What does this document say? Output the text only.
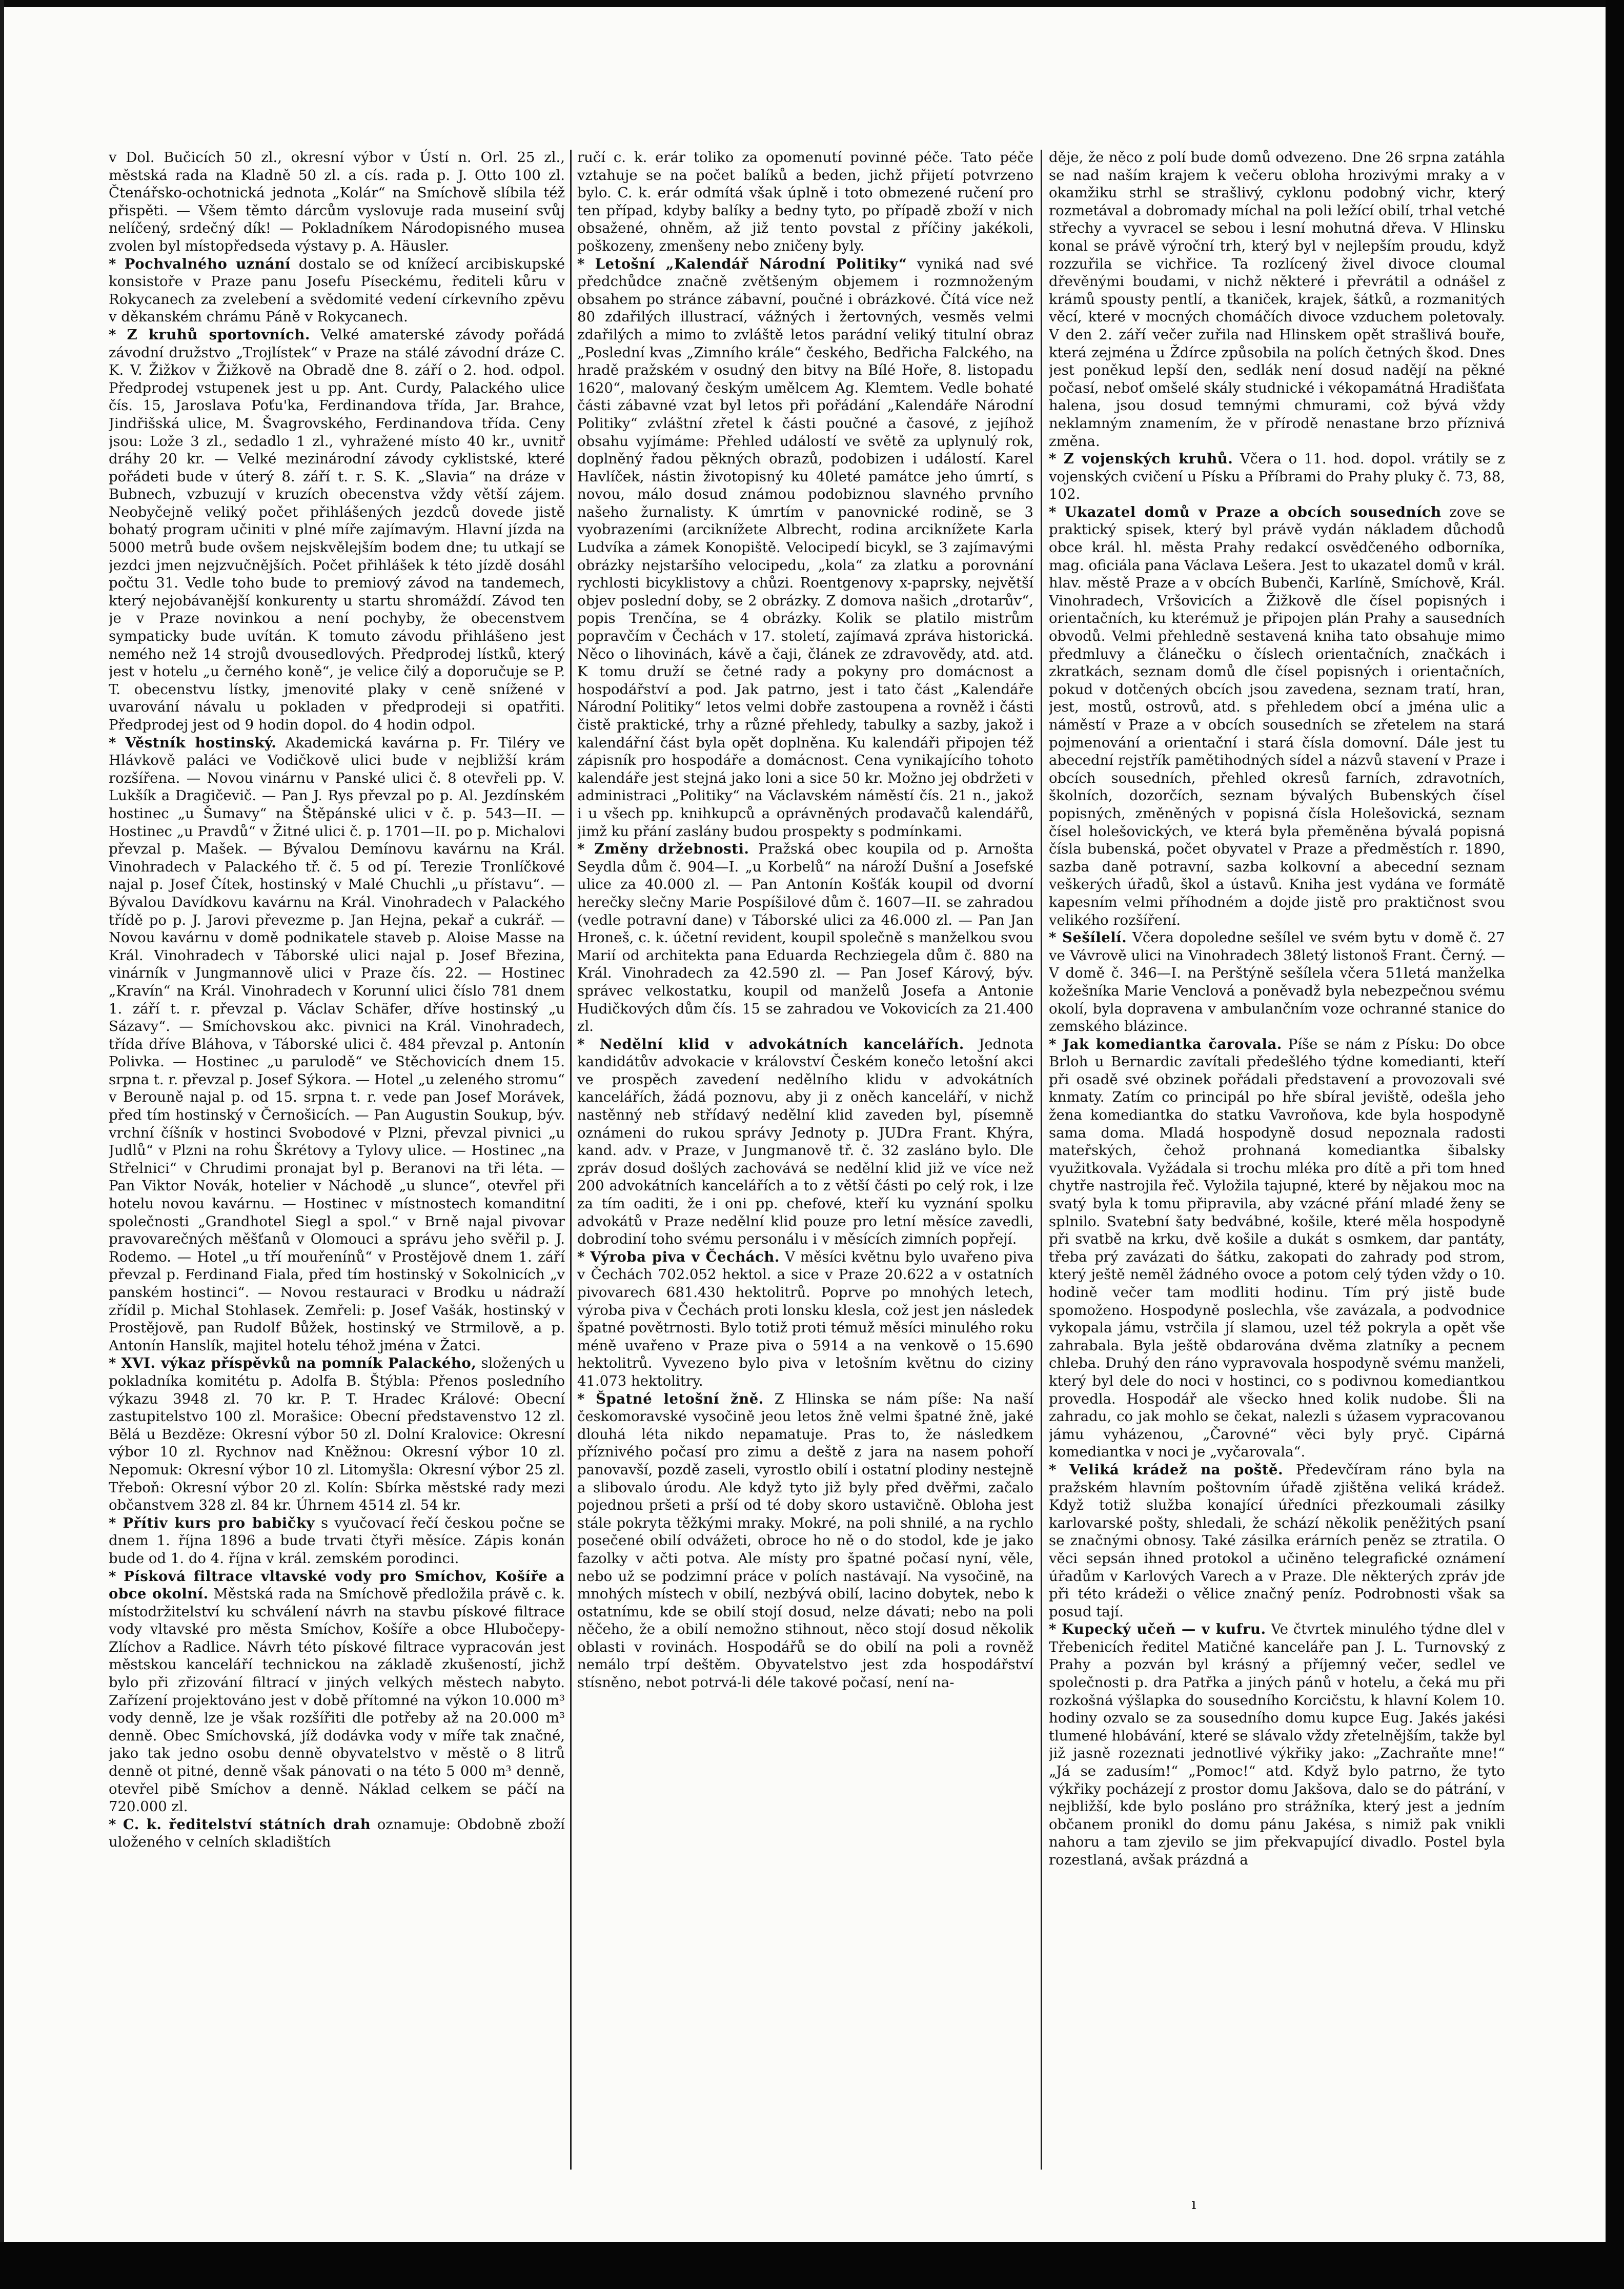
v Dol. Bučicích 50 zl., okresní výbor v Ústí n. Orl. 25 zl., městská rada na Kladně 50 zl. a cís. rada p. J. Otto 100 zl. Čtenářsko-ochotnická jednota „Kolár“ na Smíchově slíbila též přispěti. — Všem těmto dárcům vyslovuje rada museiní svůj nelíčený, srdečný dík! — Pokladníkem Národopisného musea zvolen byl místopředseda výstavy p. A. Häusler.

* Pochvalného uznání dostalo se od knížecí arcibiskupské konsistoře v Praze panu Josefu Píseckému, řediteli kůru v Rokycanech za zvelebení a svědomité vedení církevního zpěvu v děkanském chrámu Páně v Rokycanech.

* Z kruhů sportovních. Velké amaterské závody pořádá závodní družstvo „Trojlístek“ v Praze na stálé závodní dráze C. K. V. Žižkov v Žižkově na Obradě dne 8. září o 2. hod. odpol. Předprodej vstupenek jest u pp. Ant. Curdy, Palackého ulice čís. 15, Jaroslava Poťu'ka, Ferdinandova třída, Jar. Brahce, Jindřišská ulice, M. Švagrovského, Ferdinandova třída. Ceny jsou: Lože 3 zl., sedadlo 1 zl., vyhražené místo 40 kr., uvnitř dráhy 20 kr. — Velké mezinárodní závody cyklistské, které pořádeti bude v úterý 8. září t. r. S. K. „Slavia“ na dráze v Bubnech, vzbuzují v kruzích obecenstva vždy větší zájem. Neobyčejně veliký počet přihlášených jezdců dovede jistě bohatý program učiniti v plné míře zajímavým. Hlavní jízda na 5000 metrů bude ovšem nejskvělejším bodem dne; tu utkají se jezdci jmen nejzvučnějších. Počet přihlášek k této jízdě dosáhl počtu 31. Vedle toho bude to premiový závod na tandemech, který nejobávanější konkurenty u startu shromáždí. Závod ten je v Praze novinkou a není pochyby, že obecenstvem sympaticky bude uvítán. K tomuto závodu přihlášeno jest nemého než 14 strojů dvousedlových. Předprodej lístků, který jest v hotelu „u černého koně“, je velice čilý a doporučuje se P. T. obecenstvu lístky, jmenovité plaky v ceně snížené v uvarování návalu u pokladen v předprodeji si opatřiti. Předprodej jest od 9 hodin dopol. do 4 hodin odpol.

* Věstník hostinský. Akademická kavárna p. Fr. Tiléry ve Hlávkově paláci ve Vodičkově ulici bude v nejbližší krám rozšířena. — Novou vinárnu v Panské ulici č. 8 otevřeli pp. V. Lukšík a Dragičevič. — Pan J. Rys převzal po p. Al. Jezdínském hostinec „u Šumavy“ na Štěpánské ulici v č. p. 543—II. — Hostinec „u Pravdů“ v Žitné ulici č. p. 1701—II. po p. Michalovi převzal p. Mašek. — Bývalou Demínovu kavárnu na Král. Vinohradech v Palackého tř. č. 5 od pí. Terezie Tronlíčkové najal p. Josef Čítek, hostinský v Malé Chuchli „u přístavu“. — Bývalou Davídkovu kavárnu na Král. Vinohradech v Palackého třídě po p. J. Jarovi převezme p. Jan Hejna, pekař a cukrář. — Novou kavárnu v domě podnikatele staveb p. Aloise Masse na Král. Vinohradech v Táborské ulici najal p. Josef Březina, vinárník v Jungmannově ulici v Praze čís. 22. — Hostinec „Kravín“ na Král. Vinohradech v Korunní ulici číslo 781 dnem 1. září t. r. převzal p. Václav Schäfer, dříve hostinský „u Sázavy“. — Smíchovskou akc. pivnici na Král. Vinohradech, třída dříve Bláhova, v Táborské ulici č. 484 převzal p. Antonín Polivka. — Hostinec „u parulodě“ ve Stěchovicích dnem 15. srpna t. r. převzal p. Josef Sýkora. — Hotel „u zeleného stromu“ v Berouně najal p. od 15. srpna t. r. vede pan Josef Morávek, před tím hostinský v Černošicích. — Pan Augustin Soukup, býv. vrchní číšník v hostinci Svobodové v Plzni, převzal pivnici „u Judlů“ v Plzni na rohu Škrétovy a Tylovy ulice. — Hostinec „na Střelnici“ v Chrudimi pronajat byl p. Beranovi na tři léta. — Pan Viktor Novák, hotelier v Náchodě „u slunce“, otevřel při hotelu novou kavárnu. — Hostinec v místnostech komanditní společnosti „Grandhotel Siegl a spol.“ v Brně najal pivovar pravovarečných měšťanů v Olomouci a správu jeho svěřil p. J. Rodemo. — Hotel „u tří mouřenínů“ v Prostějově dnem 1. září převzal p. Ferdinand Fiala, před tím hostinský v Sokolnicích „v panském hostinci“. — Novou restauraci v Brodku u nádraží zřídil p. Michal Stohlasek. Zemřeli: p. Josef Vašák, hostinský v Prostějově, pan Rudolf Bůžek, hostinský ve Strmilově, a p. Antonín Hanslík, majitel hotelu téhož jména v Žatci.

* XVI. výkaz příspěvků na pomník Palackého, složených u pokladníka komitétu p. Adolfa B. Štýbla: Přenos posledního výkazu 3948 zl. 70 kr. P. T. Hradec Králové: Obecní zastupitelstvo 100 zl. Morašice: Obecní představenstvo 12 zl. Bělá u Bezděze: Okresní výbor 50 zl. Dolní Kralovice: Okresní výbor 10 zl. Rychnov nad Kněžnou: Okresní výbor 10 zl. Nepomuk: Okresní výbor 10 zl. Litomyšla: Okresní výbor 25 zl. Třeboň: Okresní výbor 20 zl. Kolín: Sbírka městské rady mezi občanstvem 328 zl. 84 kr. Úhrnem 4514 zl. 54 kr.

* Přítiv kurs pro babičky s vyučovací řečí českou počne se dnem 1. října 1896 a bude trvati čtyři měsíce. Zápis konán bude od 1. do 4. října v král. zemském porodinci.

* Písková filtrace vltavské vody pro Smíchov, Košíře a obce okolní. Městská rada na Smíchově předložila právě c. k. místodržitelství ku schválení návrh na stavbu pískové filtrace vody vltavské pro města Smíchov, Košíře a obce Hlubočepy-Zlíchov a Radlice. Návrh této pískové filtrace vypracován jest městskou kanceláří technickou na základě zkušeností, jichž bylo při zřizování filtrací v jiných velkých městech nabyto. Zařízení projektováno jest v době přítomné na výkon 10.000 m³ vody denně, lze je však rozšířiti dle potřeby až na 20.000 m³ denně. Obec Smíchovská, jíž dodávka vody v míře tak značné, jako tak jedno osobu denně obyvatelstvo v městě o 8 litrů denně ot pitné, denně však pánovati o na této 5 000 m³ denně, otevřel pibě Smíchov a denně. Náklad celkem se páčí na 720.000 zl.

* C. k. ředitelství státních drah oznamuje: Obdobně zboží uloženého v celních skladištích

ručí c. k. erár toliko za opomenutí povinné péče. Tato péče vztahuje se na počet balíků a beden, jichž přijetí potvrzeno bylo. C. k. erár odmítá však úplně i toto obmezené ručení pro ten případ, kdyby balíky a bedny tyto, po případě zboží v nich obsažené, ohněm, až již tento povstal z příčiny jakékoli, poškozeny, zmenšeny nebo zničeny byly.

* Letošní „Kalendář Národní Politiky“ vyniká nad své předchůdce značně zvětšeným objemem i rozmnoženým obsahem po stránce zábavní, poučné i obrázkové. Čítá více než 80 zdařilých illustrací, vážných i žertovných, vesměs velmi zdařilých a mimo to zvláště letos parádní veliký titulní obraz „Poslední kvas „Zimního krále“ českého, Bedřicha Falckého, na hradě pražském v osudný den bitvy na Bílé Hoře, 8. listopadu 1620“, malovaný českým umělcem Ag. Klemtem. Vedle bohaté části zábavné vzat byl letos při pořádání „Kalendáře Národní Politiky“ zvláštní zřetel k části poučné a časové, z jejíhož obsahu vyjímáme: Přehled událostí ve světě za uplynulý rok, doplněný řadou pěkných obrazů, podobizen i událostí. Karel Havlíček, nástin životopisný ku 40leté památce jeho úmrtí, s novou, málo dosud známou podobiznou slavného prvního našeho žurnalisty. K úmrtím v panovnické rodině, se 3 vyobrazeními (arciknížete Albrecht, rodina arciknížete Karla Ludvíka a zámek Konopiště. Velocipedí bicykl, se 3 zajímavými obrázky nejstaršího velocipedu, „kola“ za zlatku a porovnání rychlosti bicyklistovy a chůzi. Roentgenovy x-paprsky, největší objev poslední doby, se 2 obrázky. Z domova našich „drotarův“, popis Trenčína, se 4 obrázky. Kolik se platilo mistrům popravčím v Čechách v 17. století, zajímavá zpráva historická. Něco o lihovinách, kávě a čaji, článek ze zdravovědy, atd. atd. K tomu druží se četné rady a pokyny pro domácnost a hospodářství a pod. Jak patrno, jest i tato část „Kalendáře Národní Politiky“ letos velmi dobře zastoupena a rovněž i části čistě praktické, trhy a různé přehledy, tabulky a sazby, jakož i kalendářní část byla opět doplněna. Ku kalendáři připojen též zápisník pro hospodáře a domácnost. Cena vynikajícího tohoto kalendáře jest stejná jako loni a sice 50 kr. Možno jej obdržeti v administraci „Politiky“ na Václavském náměstí čís. 21 n., jakož i u všech pp. knihkupců a oprávněných prodavačů kalendářů, jimž ku přání zaslány budou prospekty s podmínkami.

* Změny držebnosti. Pražská obec koupila od p. Arnošta Seydla dům č. 904—I. „u Korbelů“ na nároží Dušní a Josefské ulice za 40.000 zl. — Pan Antonín Košťák koupil od dvorní herečky slečny Marie Pospíšilové dům č. 1607—II. se zahradou (vedle potravní dane) v Táborské ulici za 46.000 zl. — Pan Jan Hroneš, c. k. účetní revident, koupil společně s manželkou svou Marií od architekta pana Eduarda Rechziegela dům č. 880 na Král. Vinohradech za 42.590 zl. — Pan Josef Kárový, býv. správec velkostatku, koupil od manželů Josefa a Antonie Hudičkových dům čís. 15 se zahradou ve Vokovicích za 21.400 zl.

* Nedělní klid v advokátních kancelářích. Jednota kandidátův advokacie v království Českém konečo letošní akci ve prospěch zavedení nedělního klidu v advokátních kancelářích, žádá poznovu, aby ji z oněch kanceláří, v nichž nastěnný neb střídavý nedělní klid zaveden byl, písemně oznámeni do rukou správy Jednoty p. JUDra Frant. Khýra, kand. adv. v Praze, v Jungmanově tř. č. 32 zasláno bylo. Dle zpráv dosud došlých zachovává se nedělní klid již ve více než 200 advokátních kancelářích a to z větší části po celý rok, i lze za tím oaditi, že i oni pp. chefové, kteří ku vyznání spolku advokátů v Praze nedělní klid pouze pro letní měsíce zavedli, dobrodiní toho svému personálu i v měsících zimních popřejí.

* Výroba piva v Čechách. V měsíci květnu bylo uvařeno piva v Čechách 702.052 hektol. a sice v Praze 20.622 a v ostatních pivovarech 681.430 hektolitrů. Poprve po mnohých letech, výroba piva v Čechách proti lonsku klesla, což jest jen následek špatné povětrnosti. Bylo totiž proti témuž měsíci minulého roku méně uvařeno v Praze piva o 5914 a na venkově o 15.690 hektolitrů. Vyvezeno bylo piva v letošním květnu do ciziny 41.073 hektolitry.

* Špatné letošní žně. Z Hlinska se nám píše: Na naší českomoravské vysočině jeou letos žně velmi špatné žně, jaké dlouhá léta nikdo nepamatuje. Pras to, že následkem příznivého počasí pro zimu a deště z jara na nasem pohoří panovavší, pozdě zaseli, vyrostlo obilí i ostatní plodiny nestejně a slibovalo úrodu. Ale když tyto již byly před dvěřmi, začalo pojednou pršeti a prší od té doby skoro ustavičně. Obloha jest stále pokryta těžkými mraky. Mokré, na poli shnilé, a na rychlo posečené obilí odvážeti, obroce ho ně o do stodol, kde je jako fazolky v ačti potva. Ale místy pro špatné počasí nyní, věle, nebo už se podzimní práce v polích nastávají. Na vysočině, na mnohých místech v obilí, nezbývá obilí, lacino dobytek, nebo k ostatnímu, kde se obilí stojí dosud, nelze dávati; nebo na poli něčeho, že a obilí nemožno stihnout, něco stojí dosud několik oblasti v rovinách. Hospodářů se do obilí na poli a rovněž nemálo trpí deštěm. Obyvatelstvo jest zda hospodářství stísněno, nebot potrvá-li déle takové počasí, není na-

děje, že něco z polí bude domů odvezeno. Dne 26 srpna zatáhla se nad naším krajem k večeru obloha hrozivými mraky a v okamžiku strhl se strašlivý, cyklonu podobný vichr, který rozmetával a dobromady míchal na poli ležící obilí, trhal vetché střechy a vyvracel se sebou i lesní mohutná dřeva. V Hlinsku konal se právě výroční trh, který byl v nejlepším proudu, když rozzuřila se vichřice. Ta rozlícený živel divoce cloumal dřevěnými boudami, v nichž některé i převrátil a odnášel z krámů spousty pentlí, a tkaniček, krajek, šátků, a rozmanitých věcí, které v mocných chomáčích divoce vzduchem poletovaly. V den 2. září večer zuřila nad Hlinskem opět strašlivá bouře, která zejména u Ždírce způsobila na polích četných škod. Dnes jest poněkud lepší den, sedlák není dosud nadějí na pěkné počasí, neboť omšelé skály studnické i vékopamátná Hradišťata halena, jsou dosud temnými chmurami, což bývá vždy neklamným znamením, že v přírodě nenastane brzo příznivá změna.

* Z vojenských kruhů. Včera o 11. hod. dopol. vrátily se z vojenských cvičení u Písku a Příbrami do Prahy pluky č. 73, 88, 102.

* Ukazatel domů v Praze a obcích sousedních zove se praktický spisek, který byl právě vydán nákladem důchodů obce král. hl. města Prahy redakcí osvědčeného odborníka, mag. oficiála pana Václava Lešera. Jest to ukazatel domů v král. hlav. městě Praze a v obcích Bubenči, Karlíně, Smíchově, Král. Vinohradech, Vršovicích a Žižkově dle čísel popisných i orientačních, ku kterémuž je připojen plán Prahy a sausedních obvodů. Velmi přehledně sestavená kniha tato obsahuje mimo předmluvy a článečku o číslech orientačních, značkách i zkratkách, seznam domů dle čísel popisných i orientačních, pokud v dotčených obcích jsou zavedena, seznam tratí, hran, jest, mostů, ostrovů, atd. s přehledem obcí a jména ulic a náměstí v Praze a v obcích sousedních se zřetelem na stará pojmenování a orientační i stará čísla domovní. Dále jest tu abecední rejstřík pamětihodných sídel a názvů stavení v Praze i obcích sousedních, přehled okresů farních, zdravotních, školních, dozorčích, seznam bývalých Bubenských čísel popisných, změněných v popisná čísla Holešovická, seznam čísel holešovických, ve která byla přeměněna bývalá popisná čísla bubenská, počet obyvatel v Praze a předměstích r. 1890, sazba daně potravní, sazba kolkovní a abecední seznam veškerých úřadů, škol a ústavů. Kniha jest vydána ve formátě kapesním velmi příhodném a dojde jistě pro praktičnost svou velikého rozšíření.

* Sešílelí. Včera dopoledne sešílel ve svém bytu v domě č. 27 ve Vávrově ulici na Vinohradech 38letý listonoš Frant. Černý. — V domě č. 346—I. na Perštýně sešílela včera 51letá manželka kožešníka Marie Venclová a poněvadž byla nebezpečnou svému okolí, byla dopravena v ambulančním voze ochranné stanice do zemského blázince.

* Jak komediantka čarovala. Píše se nám z Písku: Do obce Brloh u Bernardic zavítali předešlého týdne komedianti, kteří při osadě své obzinek pořádali představení a provozovali své knmaty. Zatím co principál po hře sbíral jeviště, odešla jeho žena komediantka do statku Vavroňova, kde byla hospodyně sama doma. Mladá hospodyně dosud nepoznala radosti mateřských, čehož prohnaná komediantka šibalsky využitkovala. Vyžádala si trochu mléka pro dítě a při tom hned chytře nastrojila řeč. Vyložila tajupné, které by nějakou moc na svatý byla k tomu připravila, aby vzácné přání mladé ženy se splnilo. Svatební šaty bedvábné, košile, které měla hospodyně při svatbě na krku, dvě košile a dukát s osmkem, dar pantáty, třeba prý zavázati do šátku, zakopati do zahrady pod strom, který ještě neměl žádného ovoce a potom celý týden vždy o 10. hodině večer tam modliti hodinu. Tím prý jistě bude spomoženo. Hospodyně poslechla, vše zavázala, a podvodnice vykopala jámu, vstrčila jí slamou, uzel též pokryla a opět vše zahrabala. Byla ještě obdarována dvěma zlatníky a pecnem chleba. Druhý den ráno vypravovala hospodyně svému manželi, který byl dele do noci v hostinci, co s podivnou komediantkou provedla. Hospodář ale všecko hned kolik nudobe. Šli na zahradu, co jak mohlo se čekat, nalezli s úžasem vypracovanou jámu vyházenou, „Čarovné“ věci byly pryč. Cipárná komediantka v noci je „vyčarovala“.

* Veliká krádež na poště. Předevčíram ráno byla na pražském hlavním poštovním úřadě zjištěna veliká krádež. Když totiž služba konající úředníci přezkoumali zásilky karlovarské pošty, shledali, že schází několik peněžitých psaní se značnými obnosy. Také zásilka erárních peněz se ztratila. O věci sepsán ihned protokol a učiněno telegrafické oznámení úřadům v Karlových Varech a v Praze. Dle některých zpráv jde při této krádeži o vělice značný peníz. Podrobnosti však sa posud tají.

* Kupecký učeň — v kufru. Ve čtvrtek minulého týdne dlel v Třebenicích ředitel Matičné kanceláře pan J. L. Turnovský z Prahy a pozván byl krásný a příjemný večer, sedlel ve společnosti p. dra Patřka a jiných pánů v hotelu, a čeká mu při rozkošná výšlapka do sousedního Korcičstu, k hlavní Kolem 10. hodiny ozvalo se za sousedního domu kupce Eug. Jakés jakési tlumené hlobávání, které se slávalo vždy zřetelnějším, takže byl již jasně rozeznati jednotlivé výkřiky jako: „Zachraňte mne!“ „Já se zadusím!“ „Pomoc!“ atd. Když bylo patrno, že tyto výkřiky pocházejí z prostor domu Jakšova, dalo se do pátrání, v nejbližší, kde bylo posláno pro strážníka, který jest a jedním občanem pronikl do domu pánu Jakésa, s nimiž pak vnikli nahoru a tam zjevilo se jim překvapující divadlo. Postel byla rozestlaná, avšak prázdná a

ı
